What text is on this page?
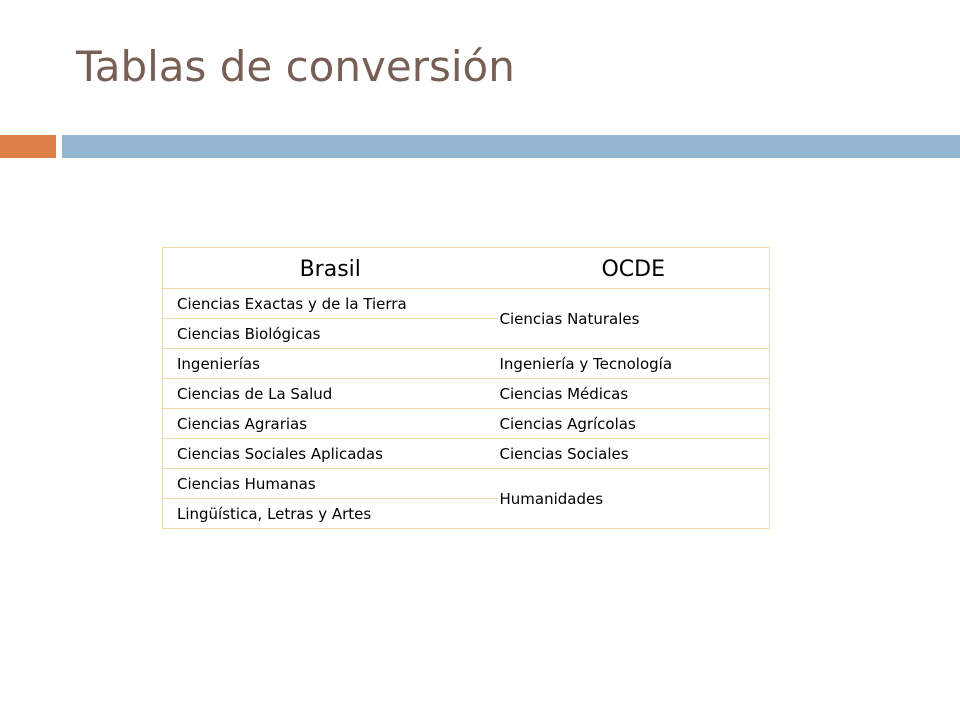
Tablas de conversión
Brasil	OCDE
Ciencias Exactas y de la Tierra	Ciencias Naturales
Ciencias Biológicas	
Ingenierías	Ingeniería y Tecnología
Ciencias de La Salud	Ciencias Médicas
Ciencias Agrarias	Ciencias Agrícolas
Ciencias Sociales Aplicadas	Ciencias Sociales
Ciencias Humanas	Humanidades
Lingüística, Letras y Artes	
